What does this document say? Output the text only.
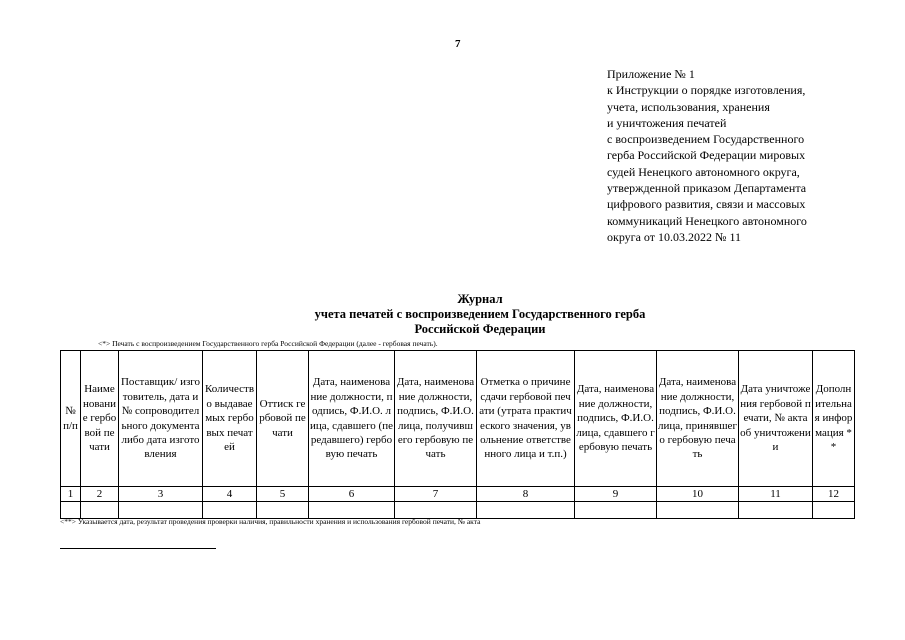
7
Приложение № 1
к Инструкции о порядке изготовления,
учета, использования, хранения
и уничтожения печатей
с воспроизведением Государственного
герба Российской Федерации мировых
судей Ненецкого автономного округа,
утвержденной приказом Департамента
цифрового развития, связи и массовых
коммуникаций Ненецкого автономного
округа от 10.03.2022 № 11
Журнал
учета печатей с воспроизведением Государственного герба
Российской Федерации
<*> Печать с воспроизведением Государственного герба Российской Федерации (далее - гербовая печать).
№ п/п	Наименование гербовой печати	Поставщик/ изготовитель, дата и № сопроводительного документа либо дата изготовления	Количество выдаваемых гербовых печатей	Оттиск гербовой печати	Дата, наименование должности, подпись, Ф.И.О. лица, сдавшего (передавшего) гербовую печать	Дата, наименование должности, подпись, Ф.И.О. лица, получившего гербовую печать	Отметка о причине сдачи гербовой печати (утрата практического значения, увольнение ответственного лица и т.п.)	Дата, наименование должности, подпись, Ф.И.О. лица, сдавшего гербовую печать	Дата, наименование должности, подпись, Ф.И.О. лица, принявшего гербовую печать	Дата уничтожения гербовой печати, № акта об уничтожении	Дополнительная информация **
1	2	3	4	5	6	7	8	9	10	11	12

<**> Указывается дата, результат проведения проверки наличия, правильности хранения и использования гербовой печати, № акта
